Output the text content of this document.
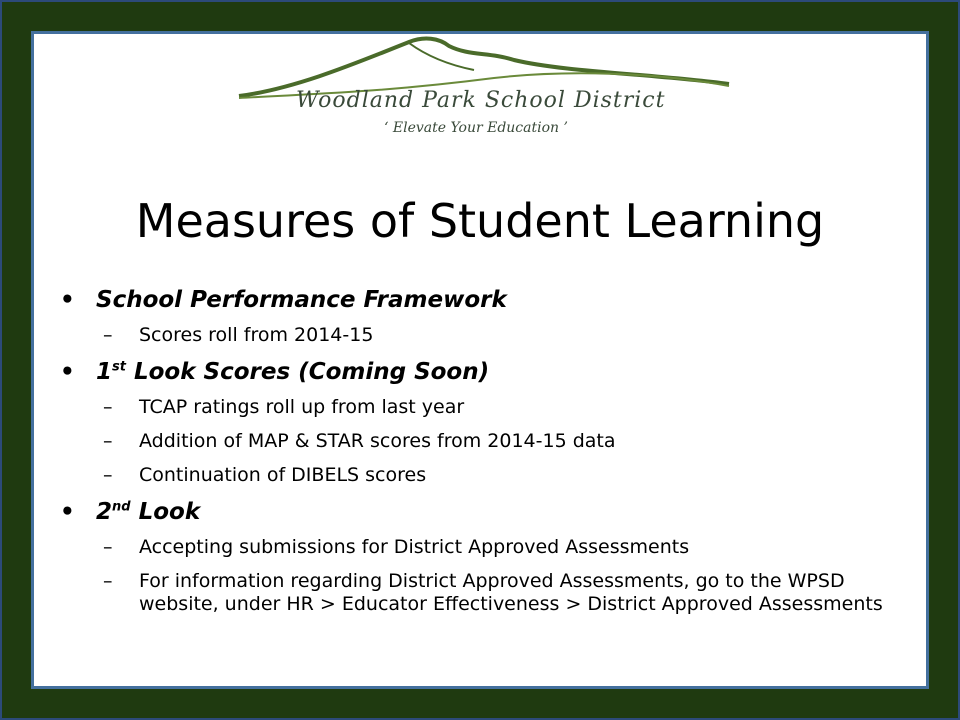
Woodland Park School District
‘ Elevate Your Education ’
Measures of Student Learning
• School Performance Framework
– Scores roll from 2014-15
• 1st Look Scores (Coming Soon)
– TCAP ratings roll up from last year
– Addition of MAP & STAR scores from 2014-15 data
– Continuation of DIBELS scores
• 2nd Look
– Accepting submissions for District Approved Assessments
– For information regarding District Approved Assessments, go to the WPSD website, under HR > Educator Effectiveness > District Approved Assessments
